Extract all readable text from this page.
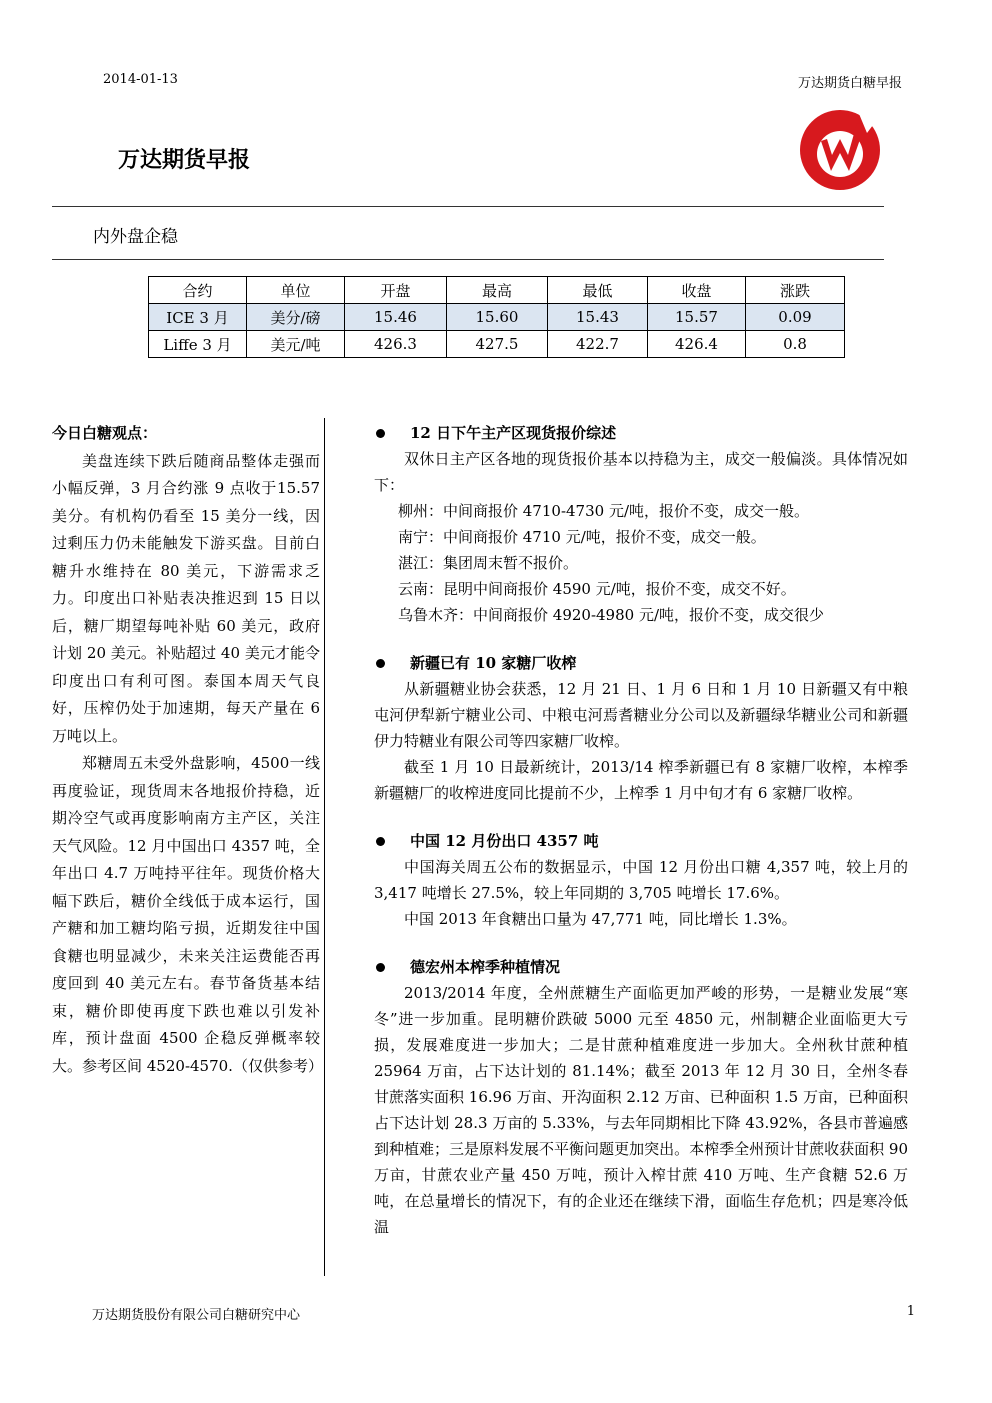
2014-01-13	万达期货白糖早报
万达期货早报
内外盘企稳
合约	单位	开盘	最高	最低	收盘	涨跌
ICE 3 月	美分/磅	15.46	15.60	15.43	15.57	0.09
Liffe 3 月	美元/吨	426.3	427.5	422.7	426.4	0.8

今日白糖观点：

美盘连续下跌后随商品整体走强而小幅反弹，3 月合约涨 9 点收于15.57 美分。有机构仍看至 15 美分一线，因过剩压力仍未能触发下游买盘。目前白糖升水维持在 80 美元，下游需求乏力。印度出口补贴表决推迟到 15 日以后，糖厂期望每吨补贴 60 美元，政府计划 20 美元。补贴超过 40 美元才能令印度出口有利可图。泰国本周天气良好，压榨仍处于加速期，每天产量在 6 万吨以上。

郑糖周五未受外盘影响，4500一线再度验证，现货周末各地报价持稳，近期冷空气或再度影响南方主产区，关注天气风险。12 月中国出口 4357 吨，全年出口 4.7 万吨持平往年。现货价格大幅下跌后，糖价全线低于成本运行，国产糖和加工糖均陷亏损，近期发往中国食糖也明显减少，未来关注运费能否再度回到 40 美元左右。春节备货基本结束，糖价即使再度下跌也难以引发补库，预计盘面 4500 企稳反弹概率较大。参考区间 4520-4570.（仅供参考）

12 日下午主产区现货报价综述

双休日主产区各地的现货报价基本以持稳为主，成交一般偏淡。具体情况如下：

柳州：中间商报价 4710-4730 元/吨，报价不变，成交一般。

南宁：中间商报价 4710 元/吨，报价不变，成交一般。

湛江：集团周末暂不报价。

云南：昆明中间商报价 4590 元/吨，报价不变，成交不好。

乌鲁木齐：中间商报价 4920-4980 元/吨，报价不变，成交很少

新疆已有 10 家糖厂收榨

从新疆糖业协会获悉，12 月 21 日、1 月 6 日和 1 月 10 日新疆又有中粮屯河伊犁新宁糖业公司、中粮屯河焉耆糖业分公司以及新疆绿华糖业公司和新疆伊力特糖业有限公司等四家糖厂收榨。

截至 1 月 10 日最新统计，2013/14 榨季新疆已有 8 家糖厂收榨，本榨季新疆糖厂的收榨进度同比提前不少，上榨季 1 月中旬才有 6 家糖厂收榨。

中国 12 月份出口 4357 吨

中国海关周五公布的数据显示，中国 12 月份出口糖 4,357 吨，较上月的 3,417 吨增长 27.5%，较上年同期的 3,705 吨增长 17.6%。

中国 2013 年食糖出口量为 47,771 吨，同比增长 1.3%。

德宏州本榨季种植情况

2013/2014 年度，全州蔗糖生产面临更加严峻的形势，一是糖业发展“寒冬”进一步加重。昆明糖价跌破 5000 元至 4850 元，州制糖企业面临更大亏损，发展难度进一步加大；二是甘蔗种植难度进一步加大。全州秋甘蔗种植 25964 万亩，占下达计划的 81.14%；截至 2013 年 12 月 30 日，全州冬春甘蔗落实面积 16.96 万亩、开沟面积 2.12 万亩、已种面积 1.5 万亩，已种面积占下达计划 28.3 万亩的 5.33%，与去年同期相比下降 43.92%，各县市普遍感到种植难；三是原料发展不平衡问题更加突出。本榨季全州预计甘蔗收获面积 90 万亩，甘蔗农业产量 450 万吨，预计入榨甘蔗 410 万吨、生产食糖 52.6 万吨，在总量增长的情况下，有的企业还在继续下滑，面临生存危机；四是寒冷低温

万达期货股份有限公司白糖研究中心	1
